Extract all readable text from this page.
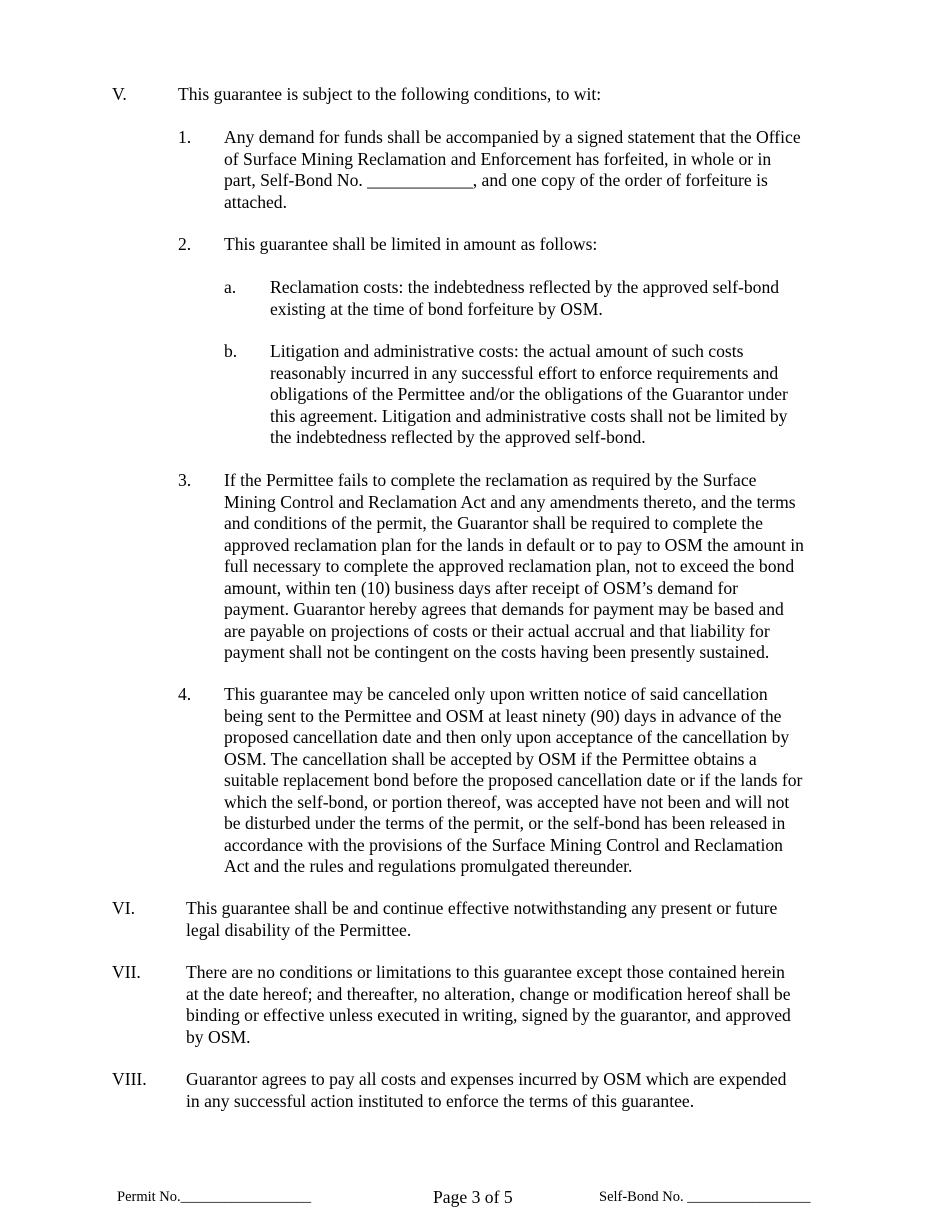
V.	This guarantee is subject to the following conditions, to wit:
1. Any demand for funds shall be accompanied by a signed statement that the Office
of Surface Mining Reclamation and Enforcement has forfeited, in whole or in
part, Self-Bond No. ____________, and one copy of the order of forfeiture is
attached.
2. This guarantee shall be limited in amount as follows:
a. Reclamation costs: the indebtedness reflected by the approved self-bond
existing at the time of bond forfeiture by OSM.
b. Litigation and administrative costs: the actual amount of such costs
reasonably incurred in any successful effort to enforce requirements and
obligations of the Permittee and/or the obligations of the Guarantor under
this agreement. Litigation and administrative costs shall not be limited by
the indebtedness reflected by the approved self-bond.
3. If the Permittee fails to complete the reclamation as required by the Surface
Mining Control and Reclamation Act and any amendments thereto, and the terms
and conditions of the permit, the Guarantor shall be required to complete the
approved reclamation plan for the lands in default or to pay to OSM the amount in
full necessary to complete the approved reclamation plan, not to exceed the bond
amount, within ten (10) business days after receipt of OSM’s demand for
payment. Guarantor hereby agrees that demands for payment may be based and
are payable on projections of costs or their actual accrual and that liability for
payment shall not be contingent on the costs having been presently sustained.
4. This guarantee may be canceled only upon written notice of said cancellation
being sent to the Permittee and OSM at least ninety (90) days in advance of the
proposed cancellation date and then only upon acceptance of the cancellation by
OSM. The cancellation shall be accepted by OSM if the Permittee obtains a
suitable replacement bond before the proposed cancellation date or if the lands for
which the self-bond, or portion thereof, was accepted have not been and will not
be disturbed under the terms of the permit, or the self-bond has been released in
accordance with the provisions of the Surface Mining Control and Reclamation
Act and the rules and regulations promulgated thereunder.
VI.	This guarantee shall be and continue effective notwithstanding any present or future
legal disability of the Permittee.
VII.	There are no conditions or limitations to this guarantee except those contained herein
at the date hereof; and thereafter, no alteration, change or modification hereof shall be
binding or effective unless executed in writing, signed by the guarantor, and approved
by OSM.
VIII. Guarantor agrees to pay all costs and expenses incurred by OSM which are expended
in any successful action instituted to enforce the terms of this guarantee.
Permit No.__________________	Page 3 of 5	Self-Bond No. _________________
